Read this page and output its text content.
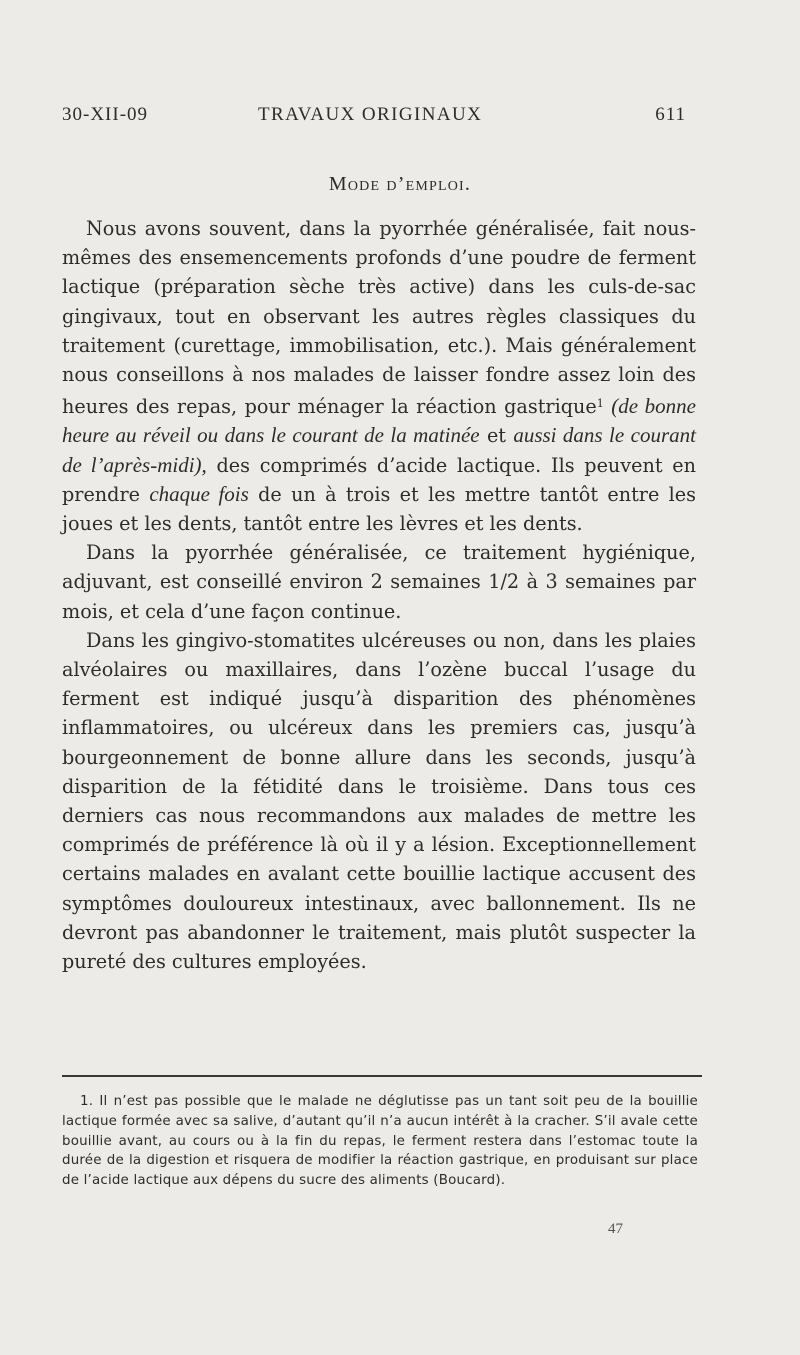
30-XII-09	TRAVAUX ORIGINAUX	611
Mode d’emploi.

Nous avons souvent, dans la pyorrhée généralisée, fait nous-mêmes des ensemencements profonds d’une poudre de ferment lactique (préparation sèche très active) dans les culs-de-sac gingivaux, tout en observant les autres règles classiques du traitement (curettage, immobilisation, etc.). Mais généralement nous conseillons à nos malades de laisser fondre assez loin des heures des repas, pour ménager la réaction gastrique$^1$ (de bonne heure au réveil ou dans le courant de la matinée et aussi dans le courant de l’après-midi), des comprimés d’acide lactique. Ils peuvent en prendre chaque fois de un à trois et les mettre tantôt entre les joues et les dents, tantôt entre les lèvres et les dents.

Dans la pyorrhée généralisée, ce traitement hygiénique, adjuvant, est conseillé environ 2 semaines 1/2 à 3 semaines par mois, et cela d’une façon continue.

Dans les gingivo-stomatites ulcéreuses ou non, dans les plaies alvéolaires ou maxillaires, dans l’ozène buccal l’usage du ferment est indiqué jusqu’à disparition des phénomènes inflammatoires, ou ulcéreux dans les premiers cas, jusqu’à bourgeonnement de bonne allure dans les seconds, jusqu’à disparition de la fétidité dans le troisième. Dans tous ces derniers cas nous recommandons aux malades de mettre les comprimés de préférence là où il y a lésion. Exceptionnellement certains malades en avalant cette bouillie lactique accusent des symptômes douloureux intestinaux, avec ballonnement. Ils ne devront pas abandonner le traitement, mais plutôt suspecter la pureté des cultures employées.

1. Il n’est pas possible que le malade ne déglutisse pas un tant soit peu de la bouillie lactique formée avec sa salive, d’autant qu’il n’a aucun intérêt à la cracher. S’il avale cette bouillie avant, au cours ou à la fin du repas, le ferment restera dans l’estomac toute la durée de la digestion et risquera de modifier la réaction gastrique, en produisant sur place de l’acide lactique aux dépens du sucre des aliments (Boucard).

47
